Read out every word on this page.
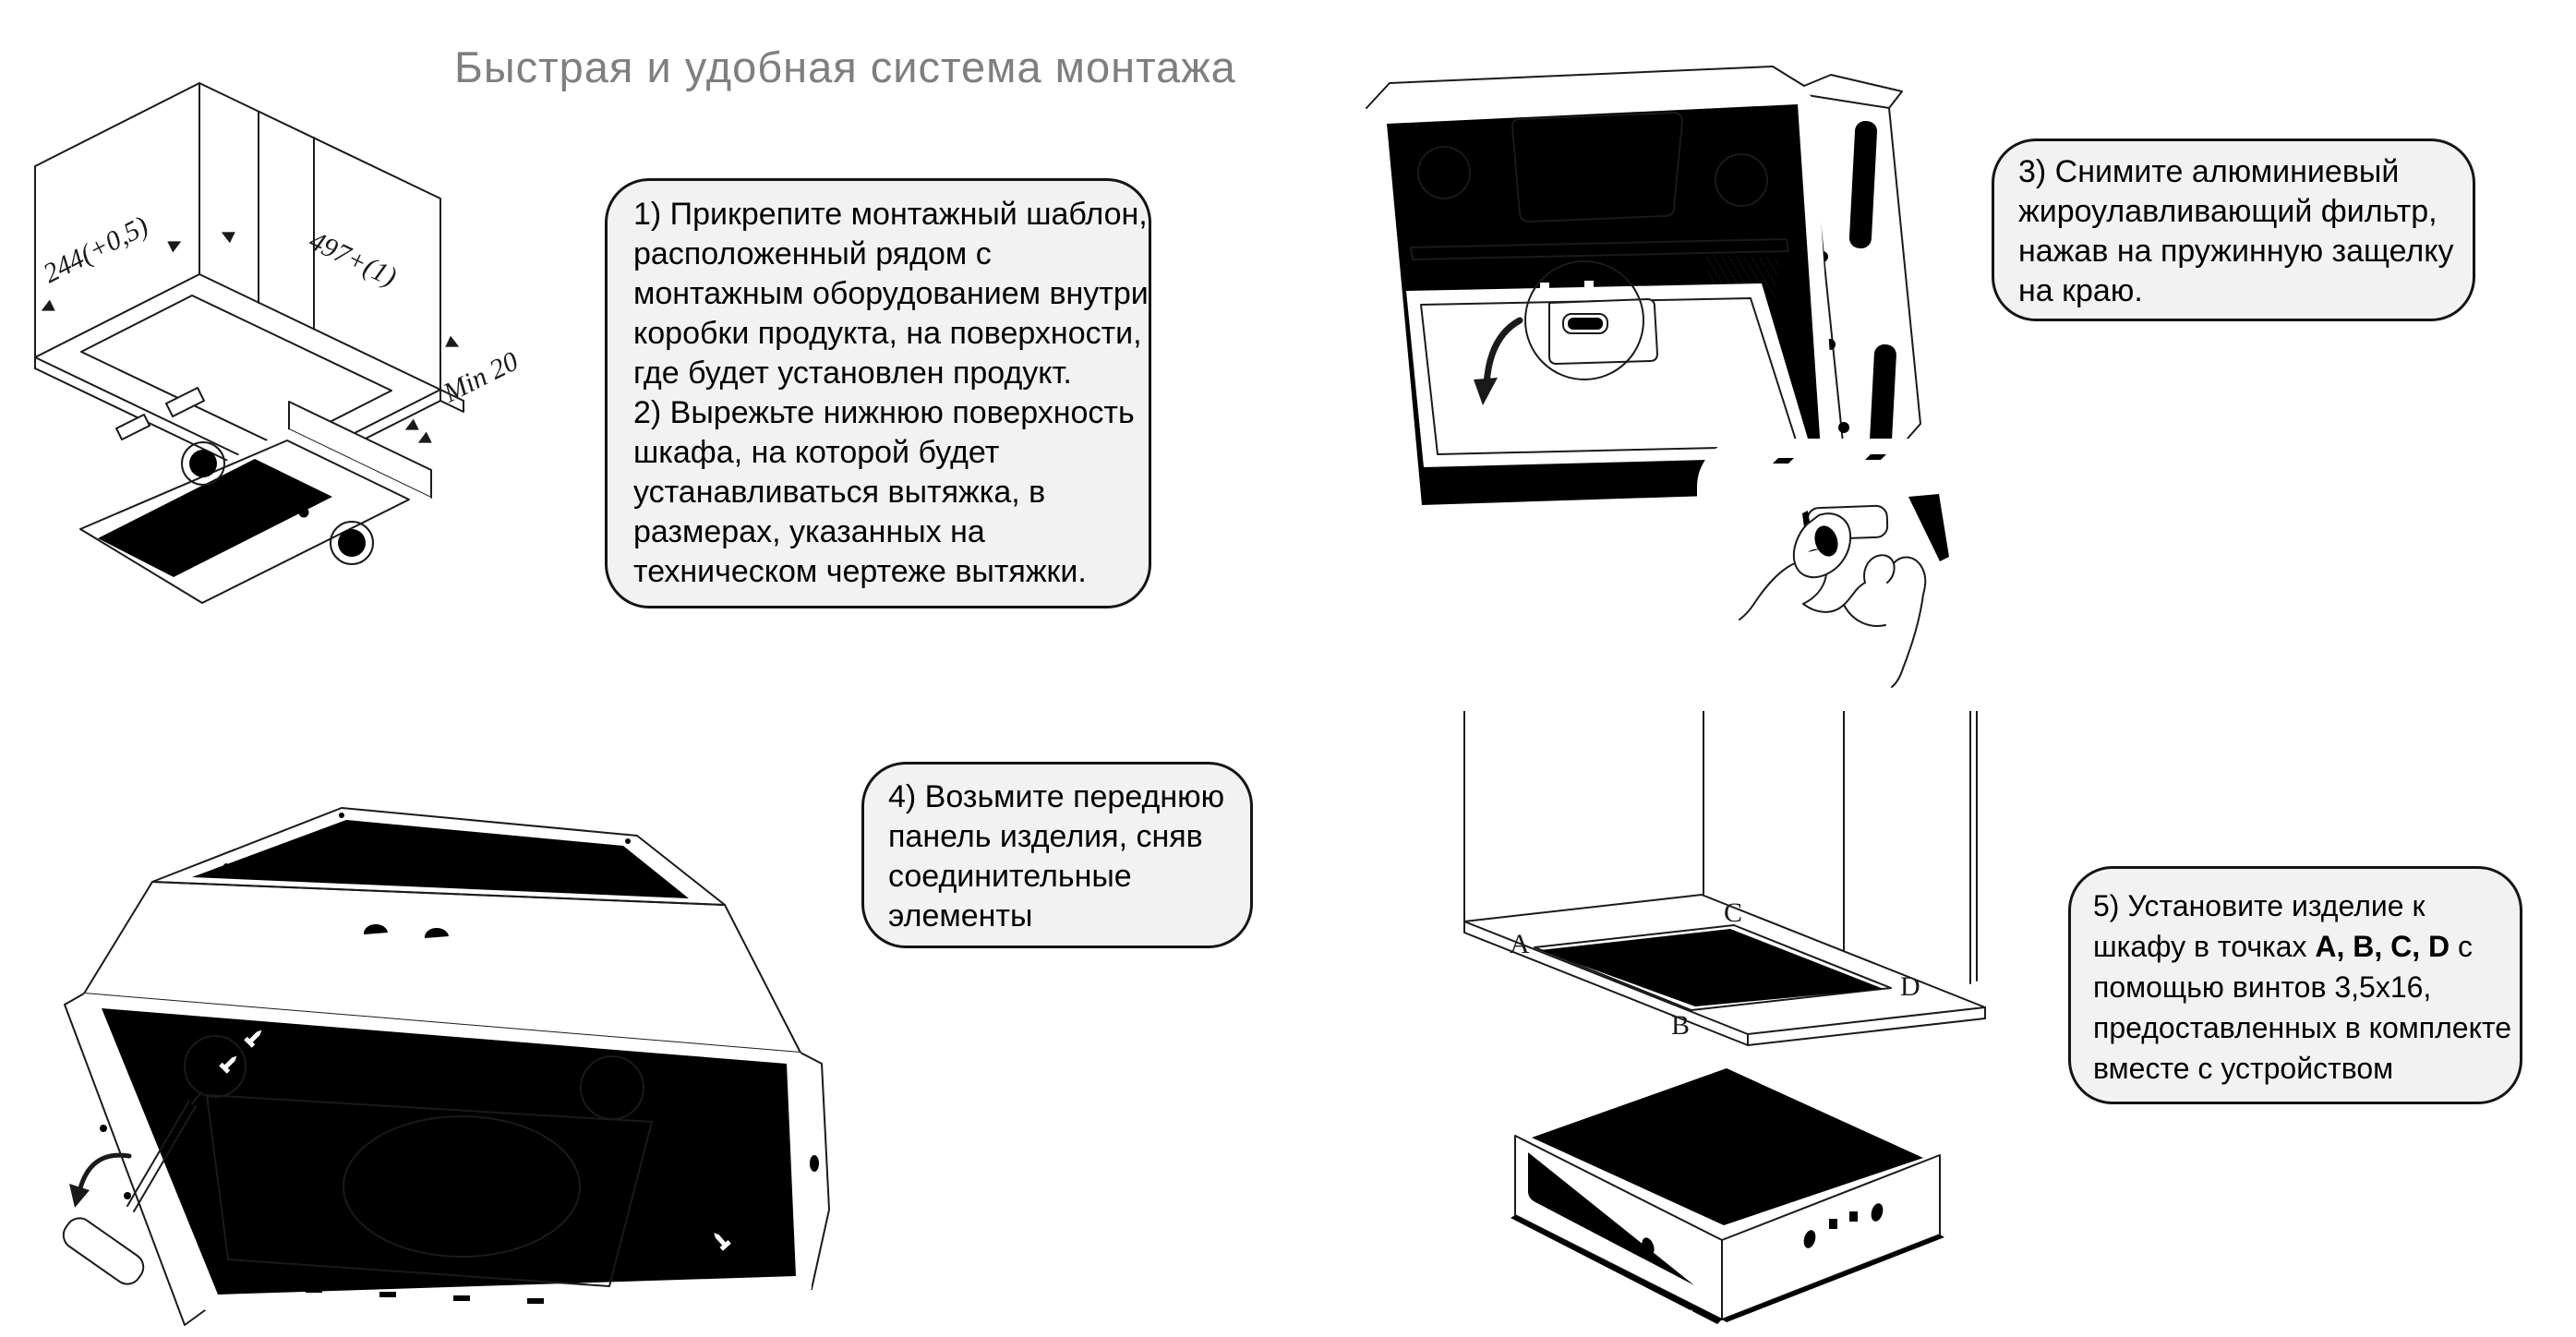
Быстрая и удобная система монтажа
244(+0,5)	497+(1)
Min 20
A
C
B
D
1) Прикрепите монтажный шаблон,
расположенный рядом с
монтажным оборудованием внутри
коробки продукта, на поверхности,
где будет установлен продукт.
2) Вырежьте нижнюю поверхность
шкафа, на которой будет
устанавливаться вытяжка, в
размерах, указанных на
техническом чертеже вытяжки.
3) Снимите алюминиевый
жироулавливающий фильтр,
нажав на пружинную защелку
на краю.
4) Возьмите переднюю
панель изделия, сняв
соединительные
элементы	5) Установите изделие к
шкафу в точках A, B, C, D с
помощью винтов 3,5х16,
предоставленных в комплекте
вместе с устройством
